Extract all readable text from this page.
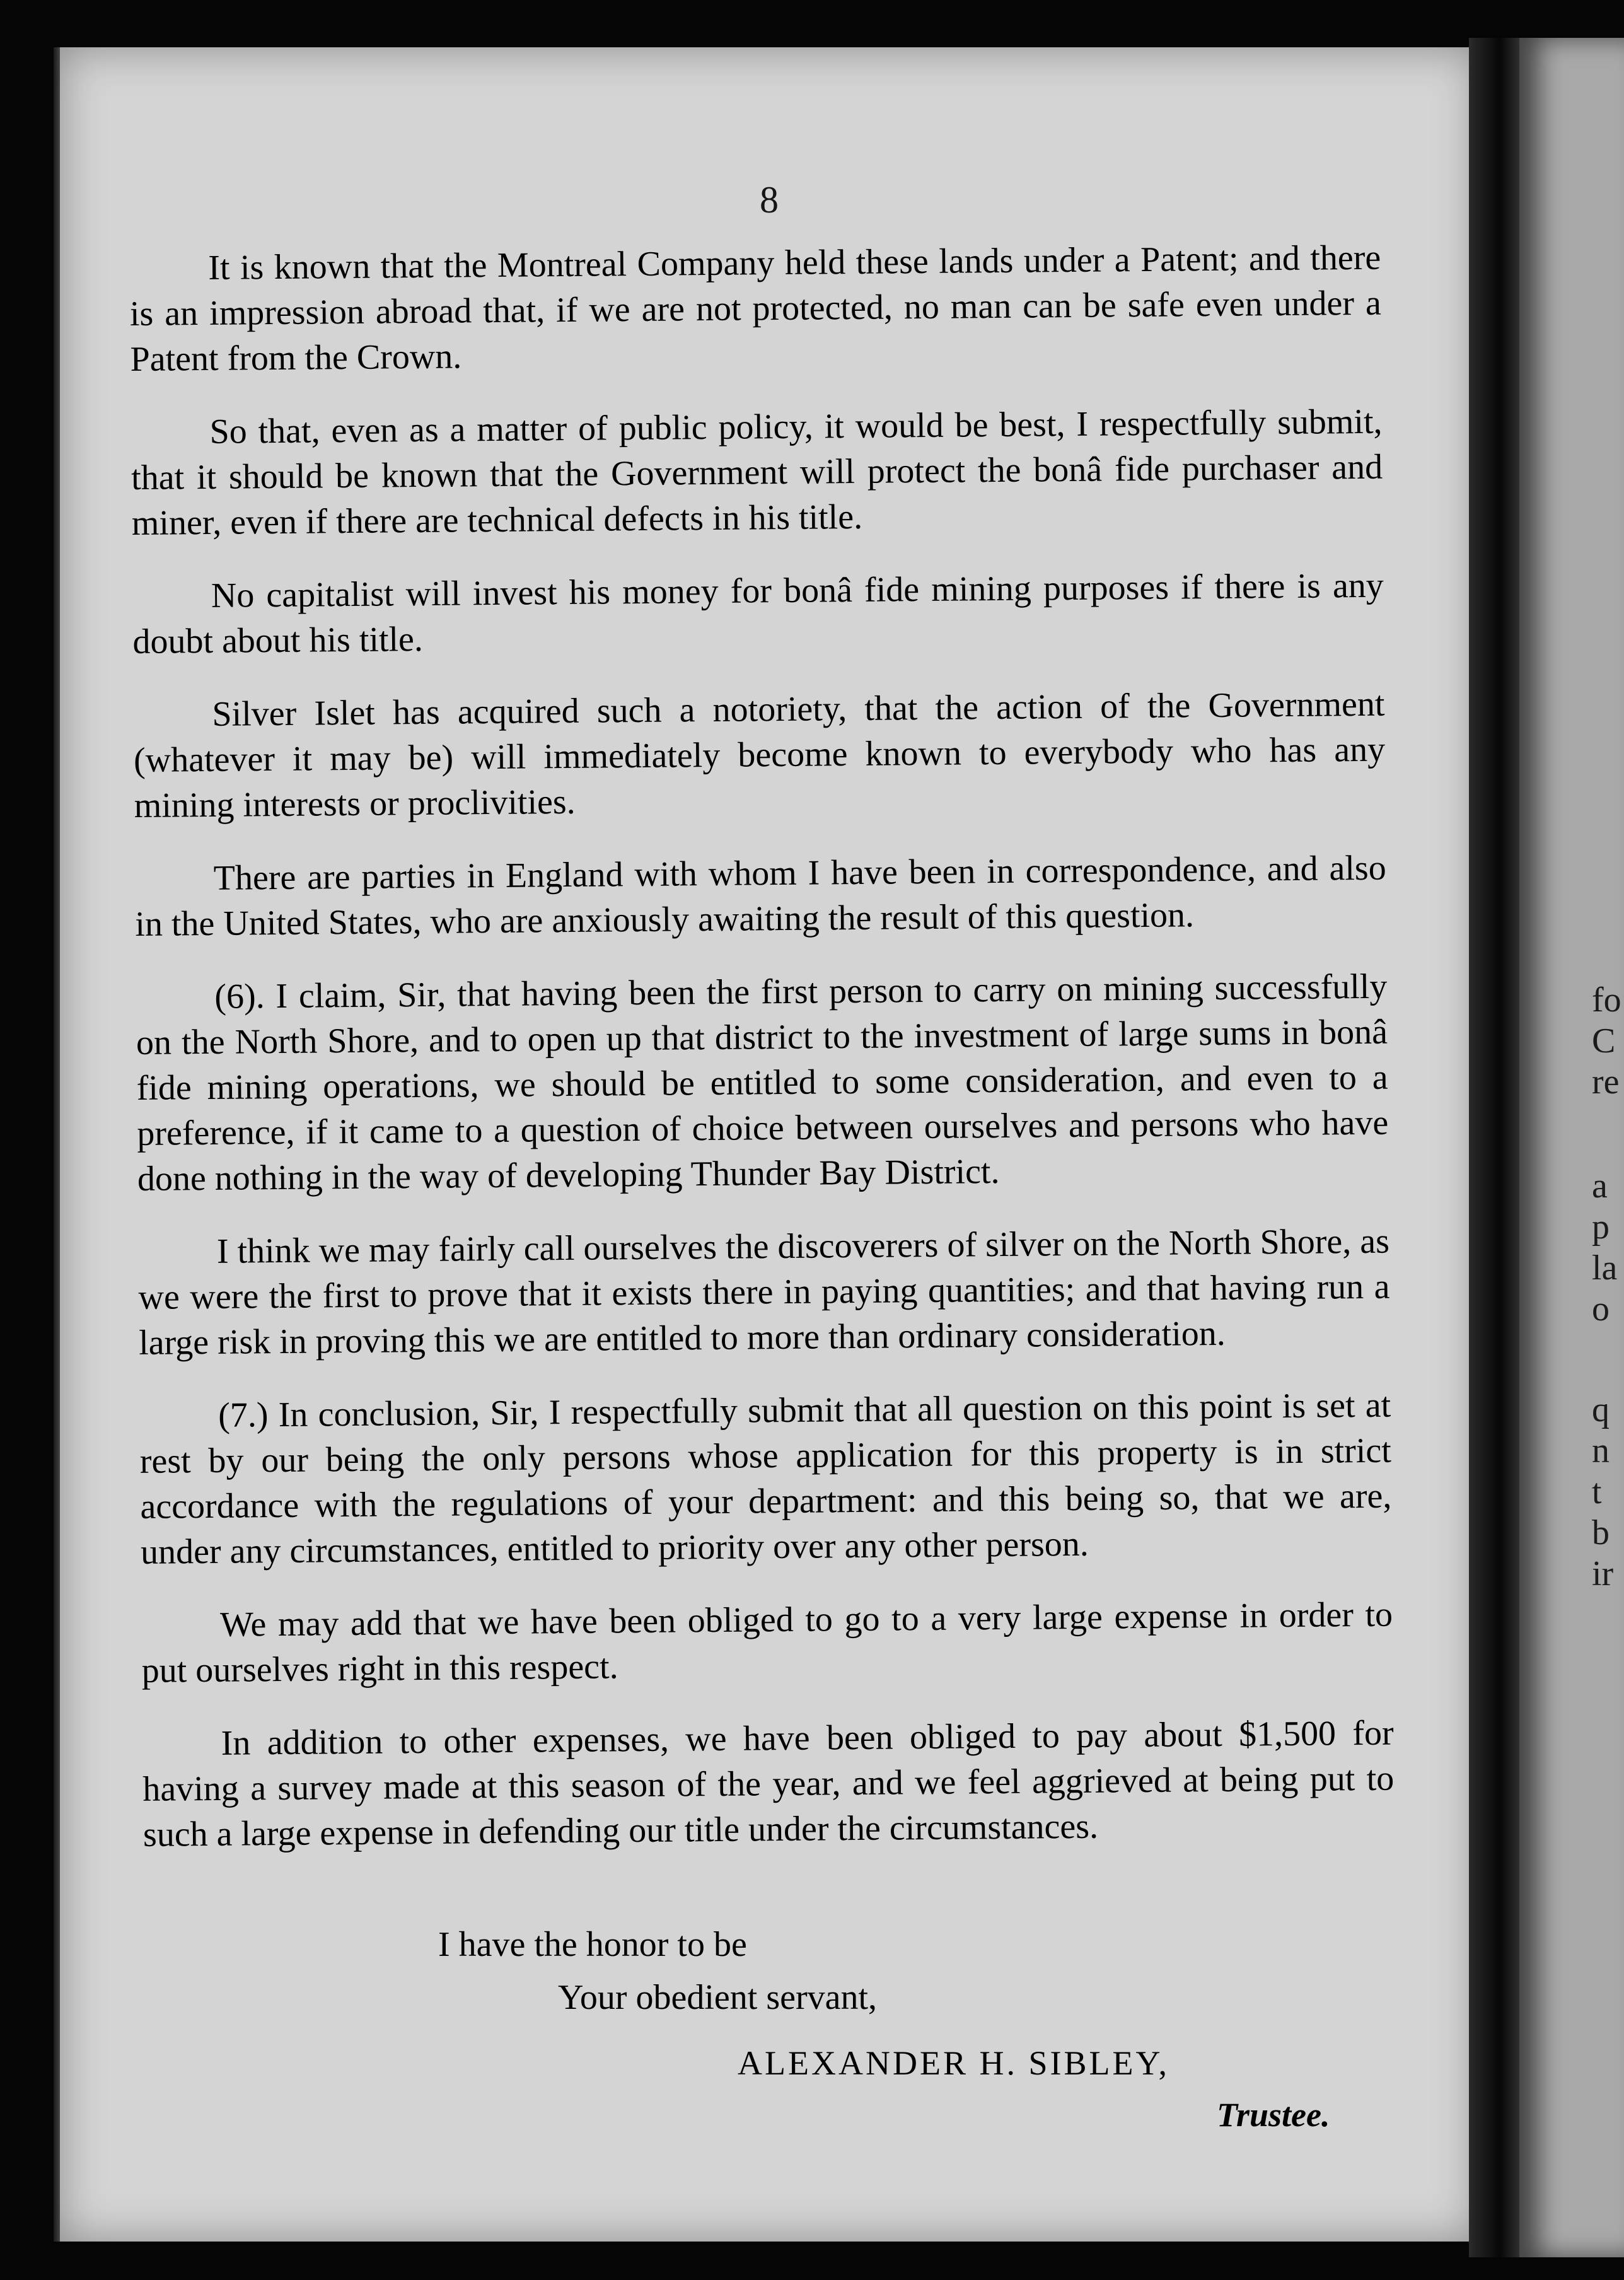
8

It is known that the Montreal Company held these lands under a Patent; and there is an impression abroad that, if we are not protected, no man can be safe even under a Patent from the Crown.

So that, even as a matter of public policy, it would be best, I respectfully submit, that it should be known that the Government will protect the bonâ fide purchaser and miner, even if there are technical defects in his title.

No capitalist will invest his money for bonâ fide mining purposes if there is any doubt about his title.

Silver Islet has acquired such a notoriety, that the action of the Government (whatever it may be) will immediately become known to everybody who has any mining interests or proclivities.

There are parties in England with whom I have been in correspondence, and also in the United States, who are anxiously awaiting the result of this question.

(6). I claim, Sir, that having been the first person to carry on mining successfully on the North Shore, and to open up that district to the investment of large sums in bonâ fide mining operations, we should be entitled to some consideration, and even to a preference, if it came to a question of choice between ourselves and persons who have done nothing in the way of developing Thunder Bay District.

I think we may fairly call ourselves the discoverers of silver on the North Shore, as we were the first to prove that it exists there in paying quantities; and that having run a large risk in proving this we are entitled to more than ordinary consideration.

(7.) In conclusion, Sir, I respectfully submit that all question on this point is set at rest by our being the only persons whose application for this property is in strict accordance with the regulations of your department: and this being so, that we are, under any circumstances, entitled to priority over any other person.

We may add that we have been obliged to go to a very large expense in order to put ourselves right in this respect.

In addition to other expenses, we have been obliged to pay about $1,500 for having a survey made at this season of the year, and we feel aggrieved at being put to such a large expense in defending our title under the circumstances.

I have the honor to be
Your obedient servant,
ALEXANDER H. SIBLEY,
Trustee.
fo
C
re
a
p
la
o
q
n
t
b
ir
